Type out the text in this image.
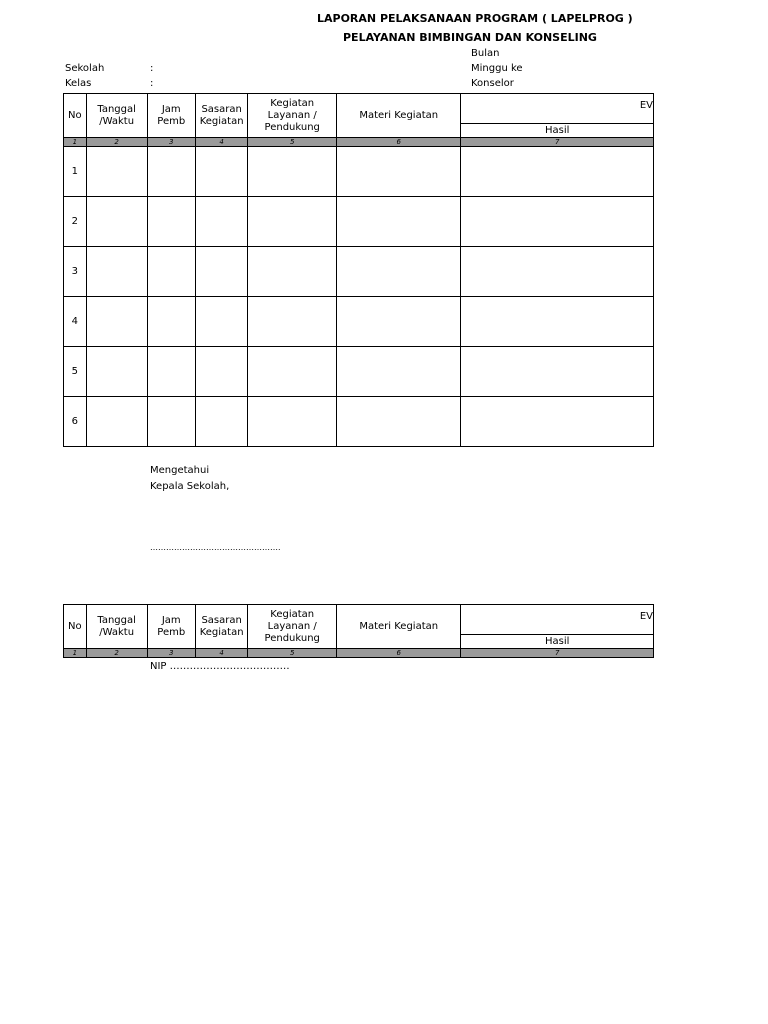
LAPORAN PELAKSANAAN PROGRAM ( LAPELPROG )
PELAYANAN BIMBINGAN DAN KONSELING
Bulan
Minggu ke
Konselor
Sekolah	:
Kelas	:
No	Tanggal /Waktu	Jam Pemb	Sasaran Kegiatan	Kegiatan Layanan / Pendukung	Materi Kegiatan	EV

						Hasil
1	2	3	4	5	6	7
1						
2						
3						
4						
5						
6						
Mengetahui
Kepala Sekolah,
………………………………………….
No	Tanggal /Waktu	Jam Pemb	Sasaran Kegiatan	Kegiatan Layanan / Pendukung	Materi Kegiatan	EV

						Hasil
1	2	3	4	5	6	7
NIP ………………………………
